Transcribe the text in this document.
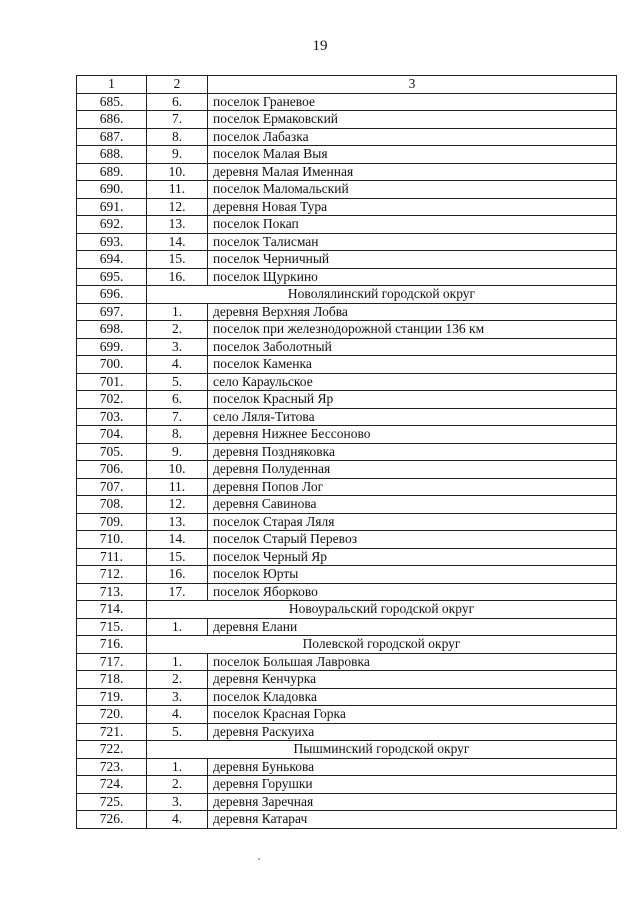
19
1	2	3
685.	6.	поселок Граневое
686.	7.	поселок Ермаковский
687.	8.	поселок Лабазка
688.	9.	поселок Малая Выя
689.	10.	деревня Малая Именная
690.	11.	поселок Маломальский
691.	12.	деревня Новая Тура
692.	13.	поселок Покап
693.	14.	поселок Талисман
694.	15.	поселок Черничный
695.	16.	поселок Щуркино
696.	Новолялинский городской округ	
697.	1.	деревня Верхняя Лобва
698.	2.	поселок при железнодорожной станции 136 км
699.	3.	поселок Заболотный
700.	4.	поселок Каменка
701.	5.	село Караульское
702.	6.	поселок Красный Яр
703.	7.	село Ляля-Титова
704.	8.	деревня Нижнее Бессоново
705.	9.	деревня Поздняковка
706.	10.	деревня Полуденная
707.	11.	деревня Попов Лог
708.	12.	деревня Савинова
709.	13.	поселок Старая Ляля
710.	14.	поселок Старый Перевоз
711.	15.	поселок Черный Яр
712.	16.	поселок Юрты
713.	17.	поселок Яборково
714.	Новоуральский городской округ	
715.	1.	деревня Елани
716.	Полевской городской округ	
717.	1.	поселок Большая Лавровка
718.	2.	деревня Кенчурка
719.	3.	поселок Кладовка
720.	4.	поселок Красная Горка
721.	5.	деревня Раскуиха
722.	Пышминский городской округ	
723.	1.	деревня Бунькова
724.	2.	деревня Горушки
725.	3.	деревня Заречная
726.	4.	деревня Катарач
